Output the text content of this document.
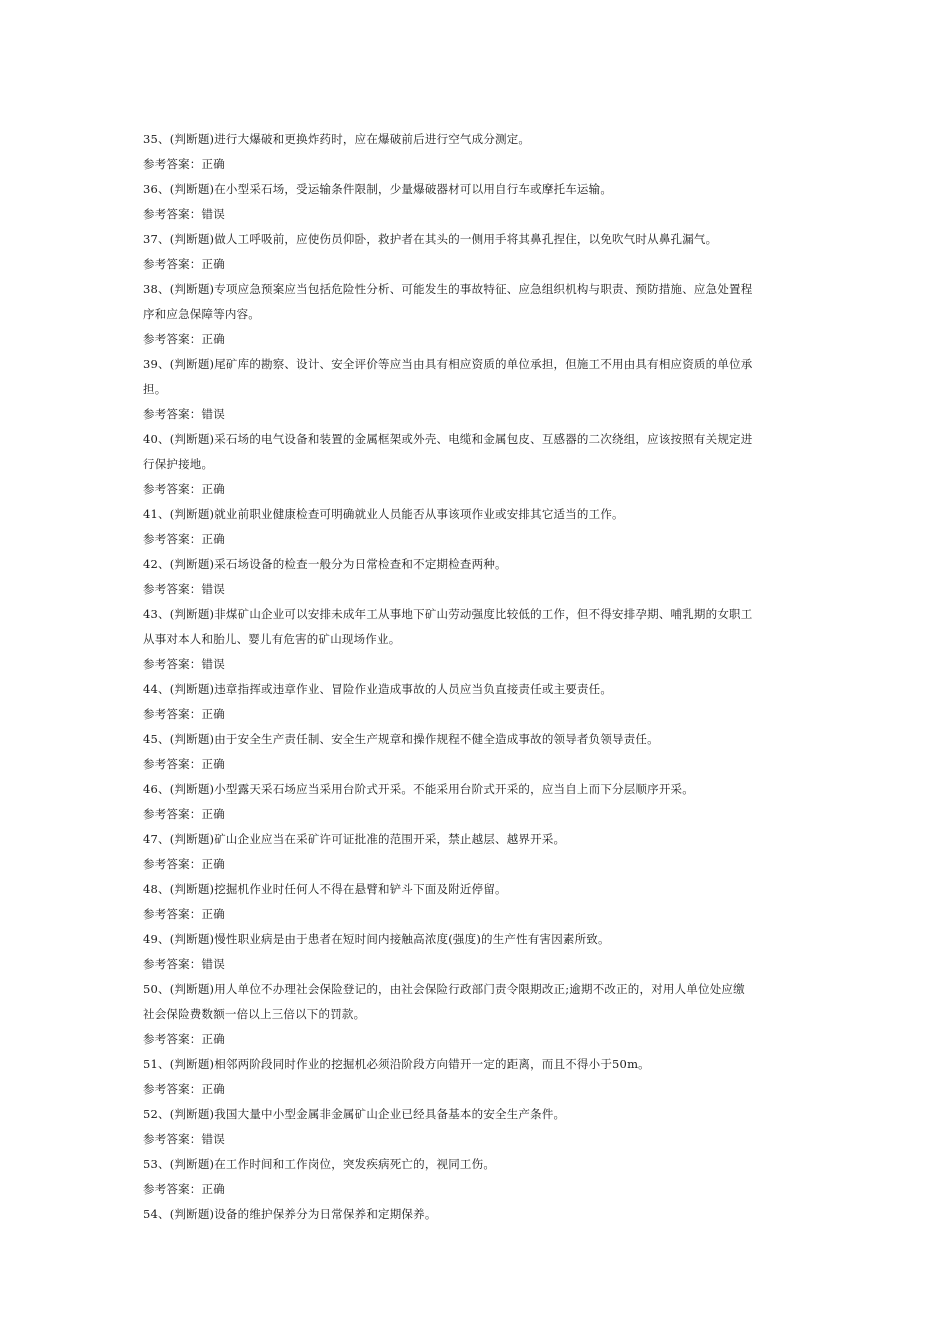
35、(判断题)进行大爆破和更换炸药时，应在爆破前后进行空气成分测定。
参考答案：正确
36、(判断题)在小型采石场，受运输条件限制，少量爆破器材可以用自行车或摩托车运输。
参考答案：错误
37、(判断题)做人工呼吸前，应使伤员仰卧，救护者在其头的一侧用手将其鼻孔捏住，以免吹气时从鼻孔漏气。
参考答案：正确
38、(判断题)专项应急预案应当包括危险性分析、可能发生的事故特征、应急组织机构与职责、预防措施、应急处置程
序和应急保障等内容。
参考答案：正确
39、(判断题)尾矿库的勘察、设计、安全评价等应当由具有相应资质的单位承担，但施工不用由具有相应资质的单位承
担。
参考答案：错误
40、(判断题)采石场的电气设备和装置的金属框架或外壳、电缆和金属包皮、互感器的二次绕组，应该按照有关规定进
行保护接地。
参考答案：正确
41、(判断题)就业前职业健康检查可明确就业人员能否从事该项作业或安排其它适当的工作。
参考答案：正确
42、(判断题)采石场设备的检查一般分为日常检查和不定期检查两种。
参考答案：错误
43、(判断题)非煤矿山企业可以安排未成年工从事地下矿山劳动强度比较低的工作，但不得安排孕期、哺乳期的女职工
从事对本人和胎儿、婴儿有危害的矿山现场作业。
参考答案：错误
44、(判断题)违章指挥或违章作业、冒险作业造成事故的人员应当负直接责任或主要责任。
参考答案：正确
45、(判断题)由于安全生产责任制、安全生产规章和操作规程不健全造成事故的领导者负领导责任。
参考答案：正确
46、(判断题)小型露天采石场应当采用台阶式开采。不能采用台阶式开采的，应当自上而下分层顺序开采。
参考答案：正确
47、(判断题)矿山企业应当在采矿许可证批准的范围开采，禁止越层、越界开采。
参考答案：正确
48、(判断题)挖掘机作业时任何人不得在悬臂和铲斗下面及附近停留。
参考答案：正确
49、(判断题)慢性职业病是由于患者在短时间内接触高浓度(强度)的生产性有害因素所致。
参考答案：错误
50、(判断题)用人单位不办理社会保险登记的，由社会保险行政部门责令限期改正;逾期不改正的，对用人单位处应缴
社会保险费数额一倍以上三倍以下的罚款。
参考答案：正确
51、(判断题)相邻两阶段同时作业的挖掘机必须沿阶段方向错开一定的距离，而且不得小于50m。
参考答案：正确
52、(判断题)我国大量中小型金属非金属矿山企业已经具备基本的安全生产条件。
参考答案：错误
53、(判断题)在工作时间和工作岗位，突发疾病死亡的，视同工伤。
参考答案：正确
54、(判断题)设备的维护保养分为日常保养和定期保养。
